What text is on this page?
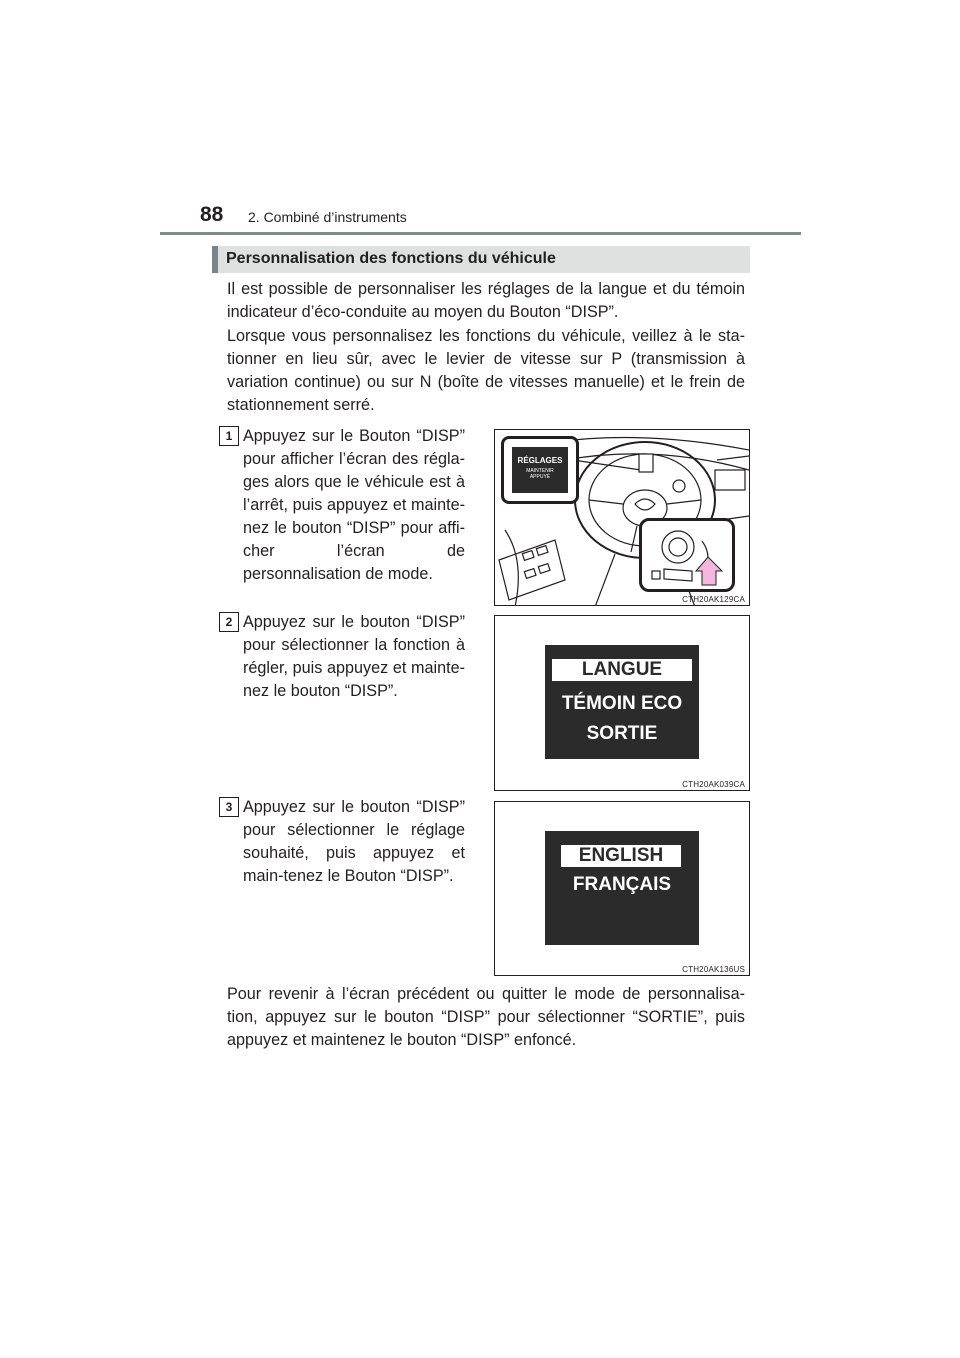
88 2. Combiné d’instruments
Personnalisation des fonctions du véhicule
Il est possible de personnaliser les réglages de la langue et du témoin indicateur d’éco-conduite au moyen du Bouton “DISP”.
Lorsque vous personnalisez les fonctions du véhicule, veillez à le sta-tionner en lieu sûr, avec le levier de vitesse sur P (transmission à variation continue) ou sur N (boîte de vitesses manuelle) et le frein de stationnement serré.
1 Appuyez sur le Bouton “DISP” pour afficher l’écran des régla-ges alors que le véhicule est à l’arrêt, puis appuyez et mainte-nez le bouton “DISP” pour affi-cher l’écran de personnalisation de mode.
RÉGLAGES
MAINTENIR
APPUYÉ
CTH20AK129CA
2 Appuyez sur le bouton “DISP” pour sélectionner la fonction à régler, puis appuyez et mainte-nez le bouton “DISP”.
LANGUE
TÉMOIN ECO
SORTIE
CTH20AK039CA
3 Appuyez sur le bouton “DISP” pour sélectionner le réglage souhaité, puis appuyez et main-tenez le Bouton “DISP”.
ENGLISH
FRANÇAIS
CTH20AK136US
Pour revenir à l’écran précédent ou quitter le mode de personnalisa-tion, appuyez sur le bouton “DISP” pour sélectionner “SORTIE”, puis appuyez et maintenez le bouton “DISP” enfoncé.
